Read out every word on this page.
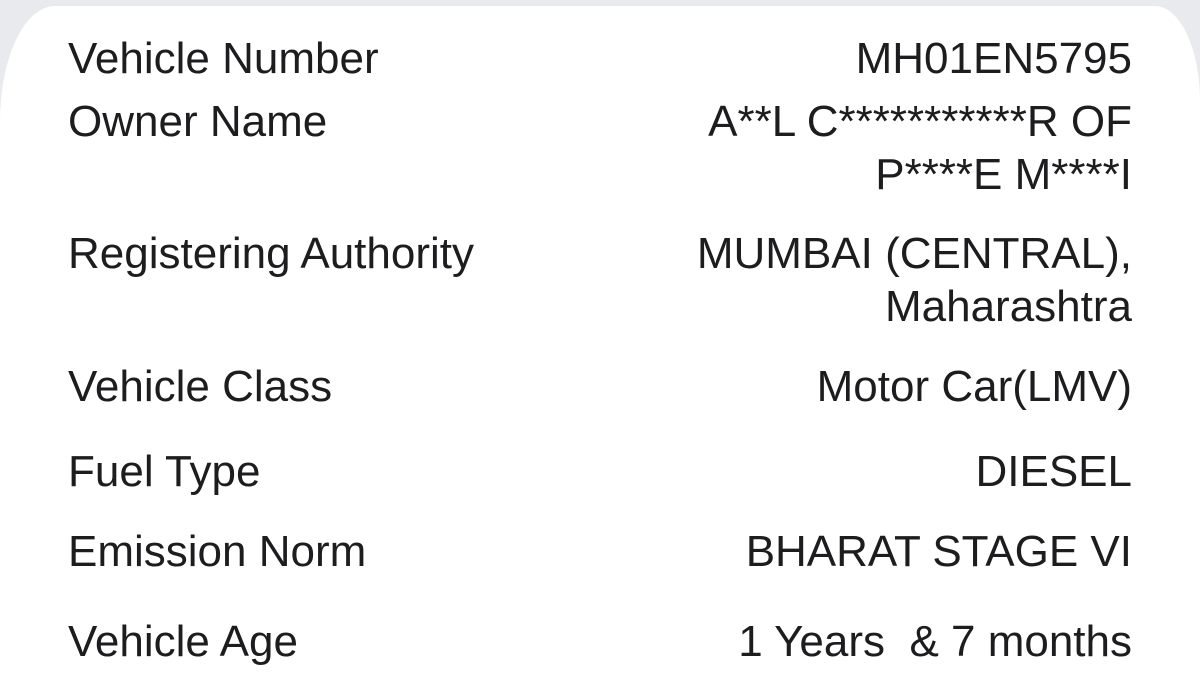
Vehicle Number	MH01EN5795
Owner Name	A**L C***********R OF P****E M****I
Registering Authority	MUMBAI (CENTRAL), Maharashtra
Vehicle Class	Motor Car(LMV)
Fuel Type	DIESEL
Emission Norm	BHARAT STAGE VI
Vehicle Age	1 Years  & 7 months
